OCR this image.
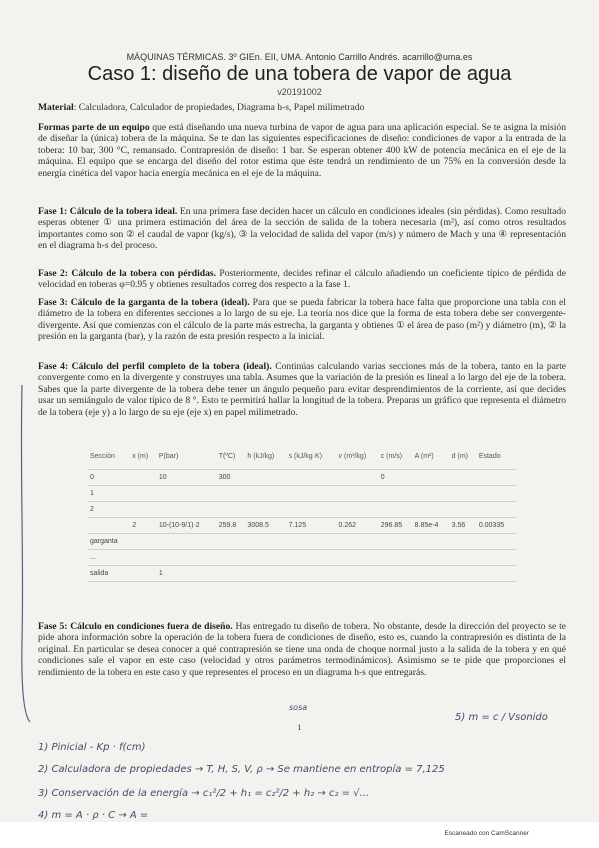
MÁQUINAS TÉRMICAS. 3º GIEn. EII, UMA. Antonio Carrillo Andrés. acarrillo@uma.es
Caso 1: diseño de una tobera de vapor de agua
v20191002
Material: Calculadora, Calculador de propiedades, Diagrama h-s, Papel milimetrado
Formas parte de un equipo que está diseñando una nueva turbina de vapor de agua para una aplicación especial. Se te asigna la misión de diseñar la (única) tobera de la máquina. Se te dan las siguientes especificaciones de diseño: condiciones de vapor a la entrada de la tobera: 10 bar, 300 °C, remansado. Contrapresión de diseño: 1 bar. Se esperan obtener 400 kW de potencia mecánica en el eje de la máquina. El equipo que se encarga del diseño del rotor estima que éste tendrá un rendimiento de un 75% en la conversión desde la energía cinética del vapor hacia energía mecánica en el eje de la máquina.
Fase 1: Cálculo de la tobera ideal. En una primera fase deciden hacer un cálculo en condiciones ideales (sin pérdidas). Como resultado esperas obtener ① una primera estimación del área de la sección de salida de la tobera necesaria (m²), así como otros resultados importantes como son ② el caudal de vapor (kg/s), ③ la velocidad de salida del vapor (m/s) y número de Mach y una ④ representación en el diagrama h-s del proceso.
Fase 2: Cálculo de la tobera con pérdidas. Posteriormente, decides refinar el cálculo añadiendo un coeficiente típico de pérdida de velocidad en toberas φ=0.95 y obtienes resultados correg dos respecto a la fase 1.
Fase 3: Cálculo de la garganta de la tobera (ideal). Para que se pueda fabricar la tobera hace falta que proporcione una tabla con el diámetro de la tobera en diferentes secciones a lo largo de su eje. La teoría nos dice que la forma de esta tobera debe ser convergente-divergente. Así que comienzas con el cálculo de la parte más estrecha, la garganta y obtienes ① el área de paso (m²) y diámetro (m), ② la presión en la garganta (bar), y la razón de esta presión respecto a la inicial.
Fase 4: Cálculo del perfil completo de la tobera (ideal). Continúas calculando varias secciones más de la tobera, tanto en la parte convergente como en la divergente y construyes una tabla. Asumes que la variación de la presión es lineal a lo largo del eje de la tobera. Sabes que la parte divergente de la tobera debe tener un ángulo pequeño para evitar desprendimientos de la corriente, así que decides usar un semiángulo de valor típico de 8 °. Esto te permitirá hallar la longitud de la tobera. Preparas un gráfico que representa el diámetro de la tobera (eje y) a lo largo de su eje (eje x) en papel milimetrado.
Sección	x (m)	P(bar)	T(ºC)	h (kJ/kg)	s (kJ/kg·K)	v (m³/kg)	c (m/s)	A (m²)	d (m)	Estado
0		10	300				0			
1										
2										
	2	10-(10-9/1)·2	259.8	3008.5	7.125	0.262	296.85	8.85e-4	3.56	0.00335
garganta										
...										
salida		1								
Fase 5: Cálculo en condiciones fuera de diseño. Has entregado tu diseño de tobera. No obstante, desde la dirección del proyecto se te pide ahora información sobre la operación de la tobera fuera de condiciones de diseño, esto es, cuando la contrapresión es distinta de la original. En particular se desea conocer a qué contrapresión se tiene una onda de choque normal justo a la salida de la tobera y en qué condiciones sale el vapor en este caso (velocidad y otros parámetros termodinámicos). Asimismo se te pide que proporciones el rendimiento de la tobera en este caso y que representes el proceso en un diagrama h-s que entregarás.
sosa
1
5) m = c / Vsonido
1) Pinicial - Kp · f(cm)
2) Calculadora de propiedades → T, H, S, V, ρ → Se mantiene en entropía = 7,125
3) Conservación de la energía → c₁²/2 + h₁ = c₂²/2 + h₂ → c₂ = √...
4) m = A · ρ · C → A =
Escaneado con CamScanner
